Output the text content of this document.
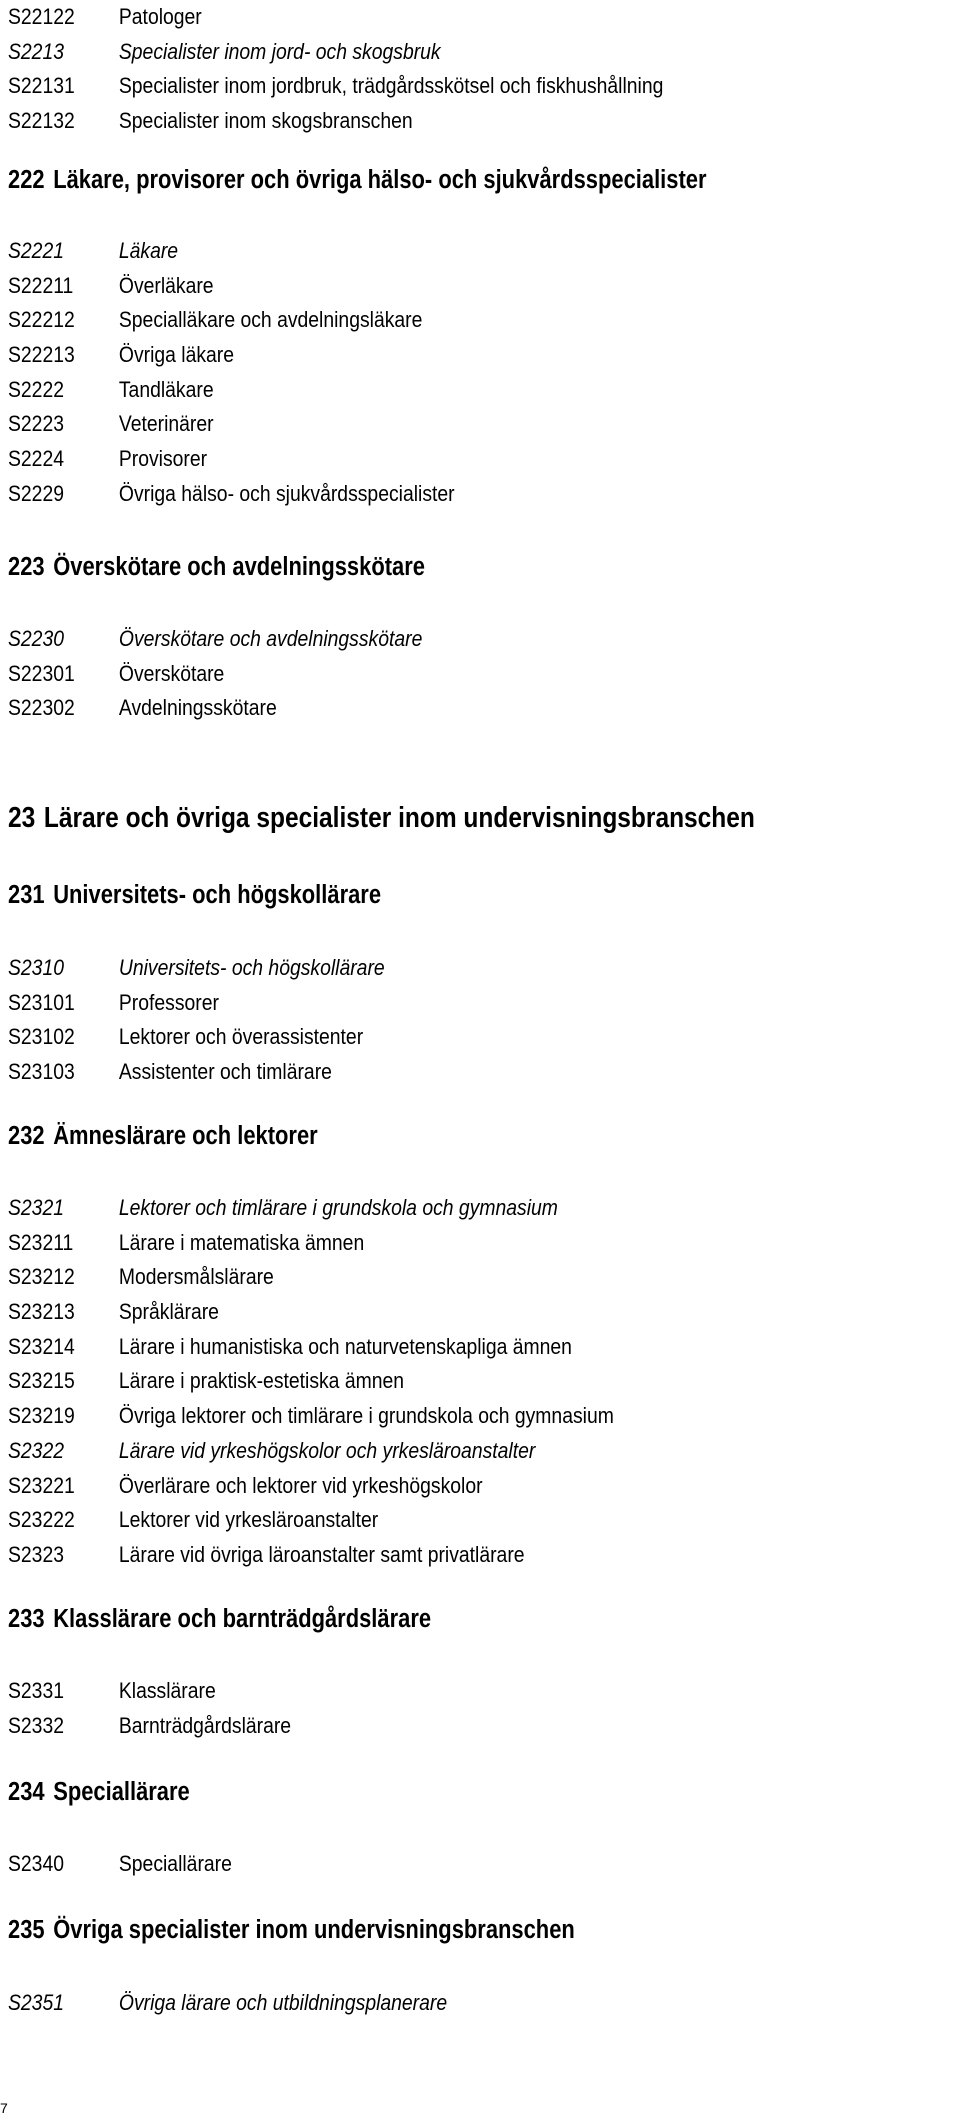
S22122	Patologer
S2213	Specialister inom jord- och skogsbruk
S22131	Specialister inom jordbruk, trädgårdsskötsel och fiskhushållning
S22132	Specialister inom skogsbranschen
222 Läkare, provisorer och övriga hälso- och sjukvårdsspecialister
S2221	Läkare
S22211	Överläkare
S22212	Specialläkare och avdelningsläkare
S22213	Övriga läkare
S2222	Tandläkare
S2223	Veterinärer
S2224	Provisorer
S2229	Övriga hälso- och sjukvårdsspecialister
223 Överskötare och avdelningsskötare
S2230	Överskötare och avdelningsskötare
S22301	Överskötare
S22302	Avdelningsskötare
23 Lärare och övriga specialister inom undervisningsbranschen
231 Universitets- och högskollärare
S2310	Universitets- och högskollärare
S23101	Professorer
S23102	Lektorer och överassistenter
S23103	Assistenter och timlärare
232 Ämneslärare och lektorer
S2321	Lektorer och timlärare i grundskola och gymnasium
S23211	Lärare i matematiska ämnen
S23212	Modersmålslärare
S23213	Språklärare
S23214	Lärare i humanistiska och naturvetenskapliga ämnen
S23215	Lärare i praktisk-estetiska ämnen
S23219	Övriga lektorer och timlärare i grundskola och gymnasium
S2322	Lärare vid yrkeshögskolor och yrkesläroanstalter
S23221	Överlärare och lektorer vid yrkeshögskolor
S23222	Lektorer vid yrkesläroanstalter
S2323	Lärare vid övriga läroanstalter samt privatlärare
233 Klasslärare och barnträdgårdslärare
S2331	Klasslärare
S2332	Barnträdgårdslärare
234 Speciallärare
S2340	Speciallärare
235 Övriga specialister inom undervisningsbranschen
S2351	Övriga lärare och utbildningsplanerare
7
